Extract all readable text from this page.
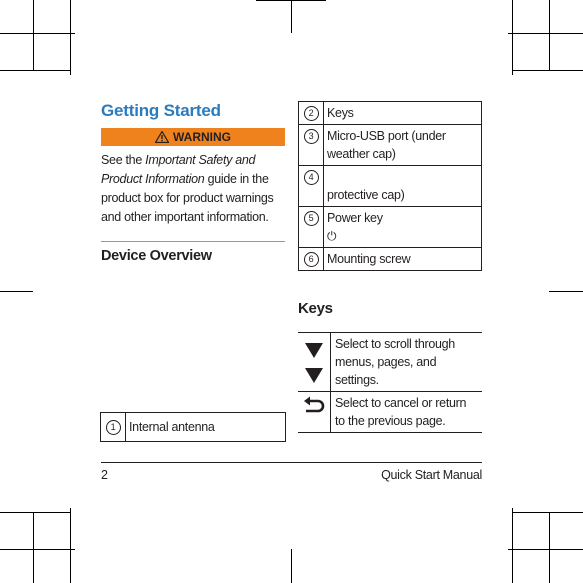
Getting Started
WARNING
See the Important Safety and Product Information guide in the product box for product warnings and other important information.
Device Overview
1	Internal antenna
2	Keys
3	Micro-USB port (under weather cap)
4	protective cap)
5	Power key
⏻

6	Mounting screw
Keys
	Select to scroll through menus, pages, and settings.
	Select to cancel or return to the previous page.
2	Quick Start Manual
